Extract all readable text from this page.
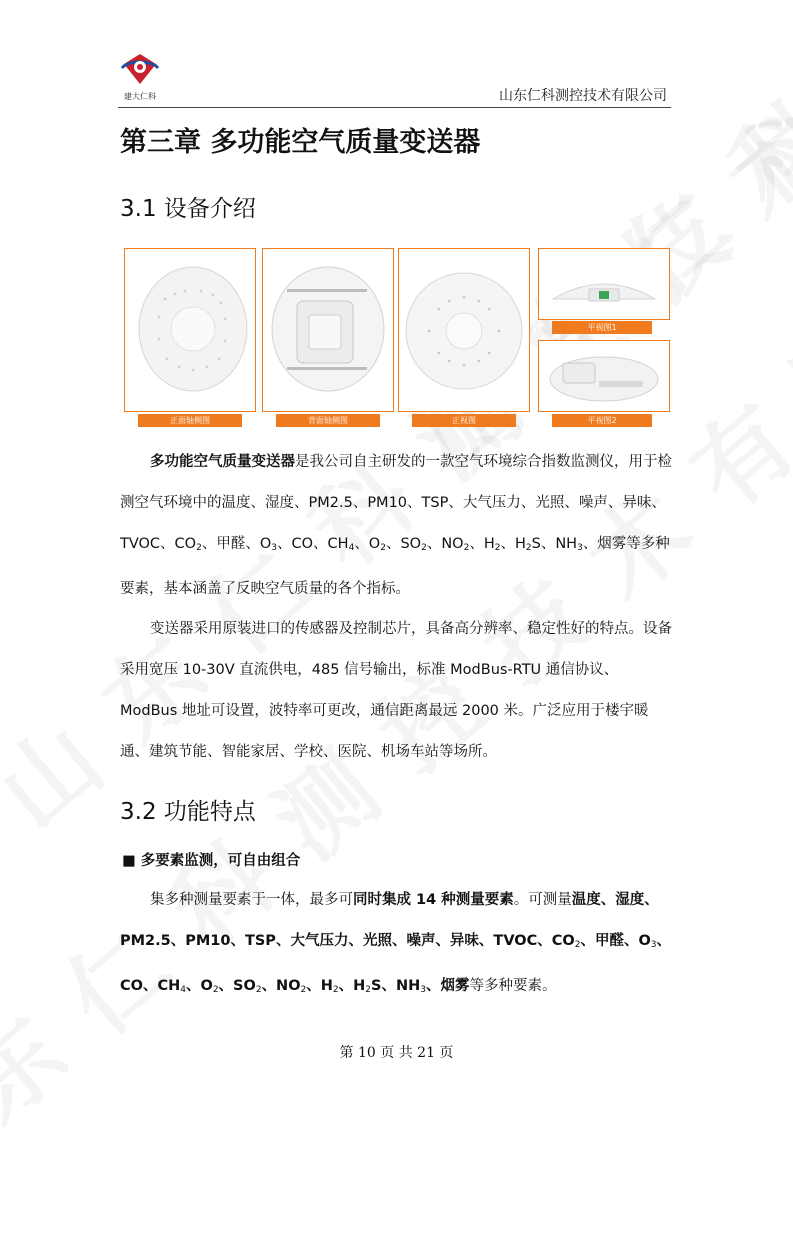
建大仁科	山东仁科测控技术有限公司
第三章 多功能空气质量变送器
3.1 设备介绍
正面轴侧图	背面轴侧图	正视图
平视图1
平视图2

多功能空气质量变送器是我公司自主研发的一款空气环境综合指数监测仪，用于检测空气环境中的温度、湿度、PM2.5、PM10、TSP、大气压力、光照、噪声、异味、TVOC、$CO_2$、甲醛、$O_3$、CO、$CH_4$、$O_2$、$SO_2$、$NO_2$、$H_2$、$H_2S$、$NH_3$、烟雾等多种要素，基本涵盖了反映空气质量的各个指标。

变送器采用原装进口的传感器及控制芯片，具备高分辨率、稳定性好的特点。设备采用宽压 10-30V 直流供电，485 信号输出，标准 ModBus-RTU 通信协议、ModBus 地址可设置，波特率可更改，通信距离最远 2000 米。广泛应用于楼宇暖通、建筑节能、智能家居、学校、医院、机场车站等场所。

3.2 功能特点
■ 多要素监测，可自由组合

集多种测量要素于一体，最多可同时集成 14 种测量要素。可测量温度、湿度、PM2.5、PM10、TSP、大气压力、光照、噪声、异味、TVOC、$CO_2$、甲醛、$O_3$、CO、$CH_4$、$O_2$、$SO_2$、$NO_2$、$H_2$、$H_2S$、$NH_3$、烟雾等多种要素。

第 10 页 共 21 页
